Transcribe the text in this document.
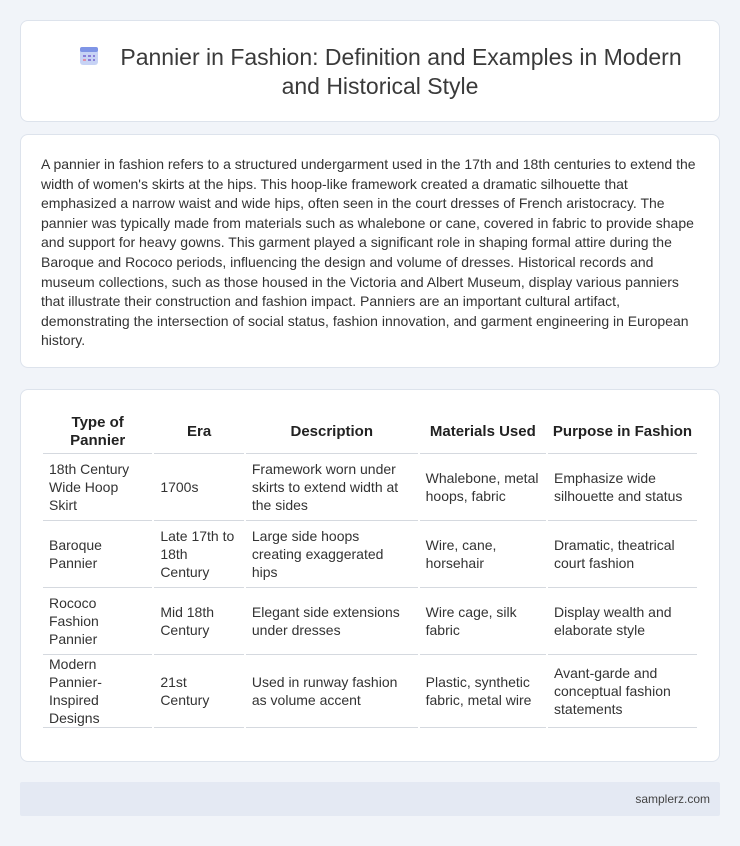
Pannier in Fashion: Definition and Examples in Modern and Historical Style

A pannier in fashion refers to a structured undergarment used in the 17th and 18th centuries to extend the width of women's skirts at the hips. This hoop-like framework created a dramatic silhouette that emphasized a narrow waist and wide hips, often seen in the court dresses of French aristocracy. The pannier was typically made from materials such as whalebone or cane, covered in fabric to provide shape and support for heavy gowns. This garment played a significant role in shaping formal attire during the Baroque and Rococo periods, influencing the design and volume of dresses. Historical records and museum collections, such as those housed in the Victoria and Albert Museum, display various panniers that illustrate their construction and fashion impact. Panniers are an important cultural artifact, demonstrating the intersection of social status, fashion innovation, and garment engineering in European history.

Type of Pannier	Era	Description	Materials Used	Purpose in Fashion
18th Century Wide Hoop Skirt	1700s	Framework worn under skirts to extend width at the sides	Whalebone, metal hoops, fabric	Emphasize wide silhouette and status
Baroque Pannier	Late 17th to 18th Century	Large side hoops creating exaggerated hips	Wire, cane, horsehair	Dramatic, theatrical court fashion
Rococo Fashion Pannier	Mid 18th Century	Elegant side extensions under dresses	Wire cage, silk fabric	Display wealth and elaborate style
Modern Pannier-Inspired Designs	21st Century	Used in runway fashion as volume accent	Plastic, synthetic fabric, metal wire	Avant-garde and conceptual fashion statements
samplerz.com
